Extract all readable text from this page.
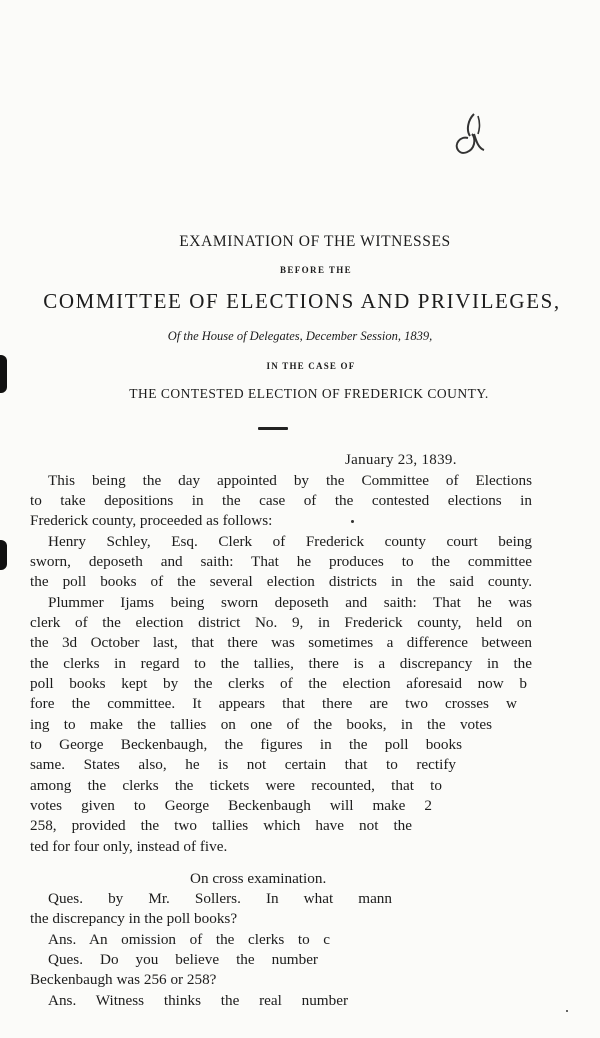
EXAMINATION OF THE WITNESSES
BEFORE THE
COMMITTEE OF ELECTIONS AND PRIVILEGES,
Of the House of Delegates, December Session, 1839,
IN THE CASE OF
THE CONTESTED ELECTION OF FREDERICK COUNTY.
January 23, 1839.
This being the day appointed by the Committee of Elections
to take depositions in the case of the contested elections in
Frederick county, proceeded as follows:
Henry Schley, Esq. Clerk of Frederick county court being
sworn, deposeth and saith: That he produces to the committee
the poll books of the several election districts in the said county.
Plummer Ijams being sworn deposeth and saith: That he was
clerk of the election district No. 9, in Frederick county, held on
the 3d October last, that there was sometimes a difference between
the clerks in regard to the tallies, there is a discrepancy in the
poll books kept by the clerks of the election aforesaid now b
fore the committee. It appears that there are two crosses w
ing to make the tallies on one of the books, in the votes
to George Beckenbaugh, the figures in the poll books
same. States also, he is not certain that to rectify
among the clerks the tickets were recounted, that to
votes given to George Beckenbaugh will make 2
258, provided the two tallies which have not the
ted for four only, instead of five.
On cross examination.
Ques. by Mr. Sollers. In what mann
the discrepancy in the poll books?
Ans. An omission of the clerks to c
Ques. Do you believe the number
Beckenbaugh was 256 or 258?
Ans. Witness thinks the real number
